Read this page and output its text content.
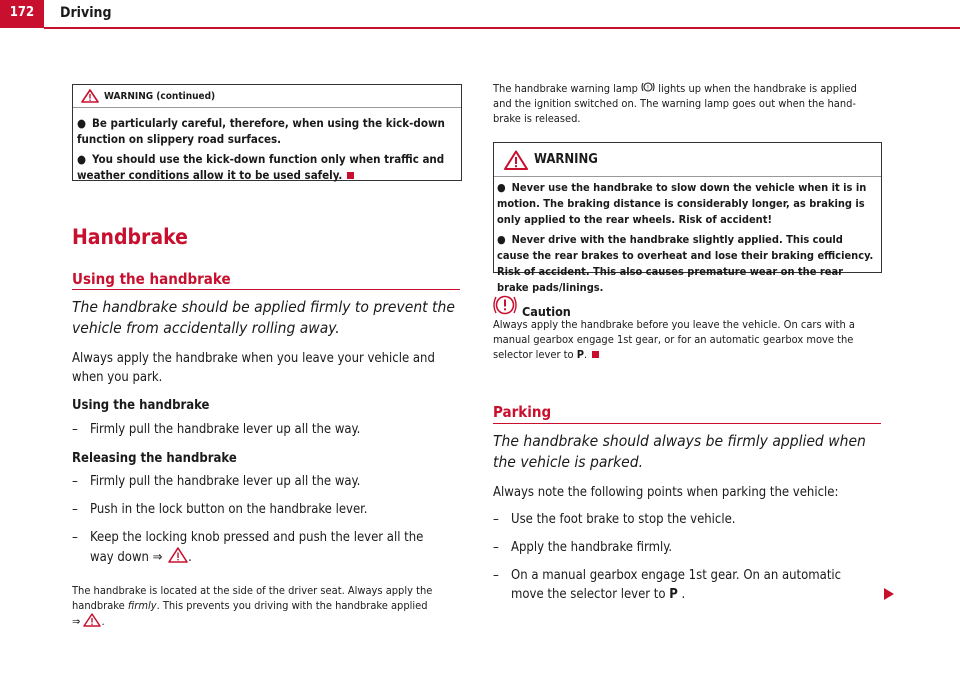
172	Driving
WARNING (continued)

● Be particularly careful, therefore, when using the kick-down function on slippery road surfaces.

● You should use the kick-down function only when traffic and weather conditions allow it to be used safely.

Handbrake
Using the handbrake
The handbrake should be applied firmly to prevent the vehicle from accidentally rolling away.

Always apply the handbrake when you leave your vehicle and when you park.

Using the handbrake
– Firmly pull the handbrake lever up all the way.
Releasing the handbrake
– Firmly pull the handbrake lever up all the way.
– Push in the lock button on the handbrake lever.
– Keep the locking knob pressed and push the lever all the way down ⇒ .

The handbrake is located at the side of the driver seat. Always apply the handbrake firmly. This prevents you driving with the handbrake applied
⇒ .

The handbrake warning lamp ! lights up when the handbrake is applied and the ignition switched on. The warning lamp goes out when the hand-brake is released.

WARNING

● Never use the handbrake to slow down the vehicle when it is in motion. The braking distance is considerably longer, as braking is only applied to the rear wheels. Risk of accident!

● Never drive with the handbrake slightly applied. This could cause the rear brakes to overheat and lose their braking efficiency. Risk of accident. This also causes premature wear on the rear brake pads/linings.

Caution

Always apply the handbrake before you leave the vehicle. On cars with a manual gearbox engage 1st gear, or for an automatic gearbox move the selector lever to P.

Parking
The handbrake should always be firmly applied when the vehicle is parked.

Always note the following points when parking the vehicle:

– Use the foot brake to stop the vehicle.
– Apply the handbrake firmly.
– On a manual gearbox engage 1st gear. On an automatic move the selector lever to P .
